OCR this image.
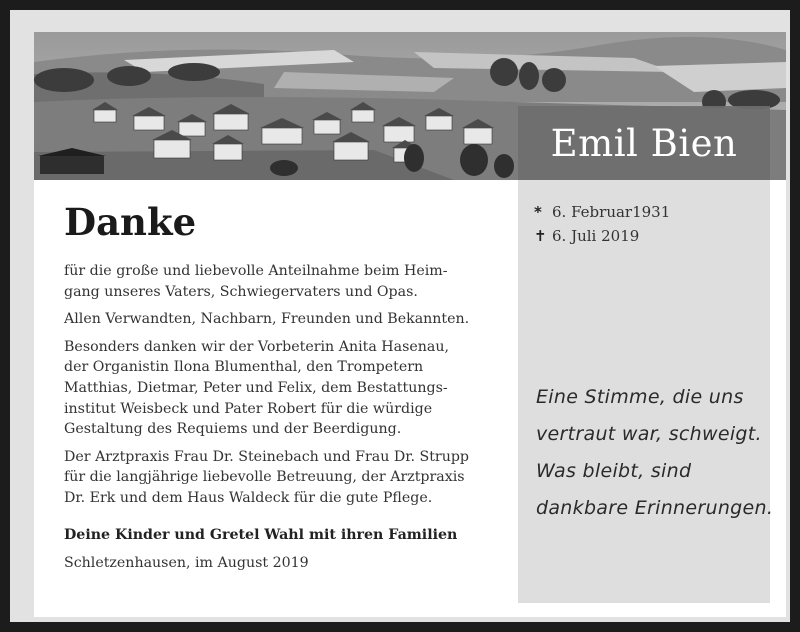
Emil Bien
* 6. Februar1931
✝ 6. Juli 2019
Eine Stimme, die uns
vertraut war, schweigt.
Was bleibt, sind
dankbare Erinnerungen.
Danke
für die große und liebevolle Anteilnahme beim Heim-
gang unseres Vaters, Schwiegervaters und Opas.
Allen Verwandten, Nachbarn, Freunden und Bekannten.
Besonders danken wir der Vorbeterin Anita Hasenau,
der Organistin Ilona Blumenthal, den Trompetern
Matthias, Dietmar, Peter und Felix, dem Bestattungs-
institut Weisbeck und Pater Robert für die würdige
Gestaltung des Requiems und der Beerdigung.
Der Arztpraxis Frau Dr. Steinebach und Frau Dr. Strupp
für die langjährige liebevolle Betreuung, der Arztpraxis
Dr. Erk und dem Haus Waldeck für die gute Pflege.
Deine Kinder und Gretel Wahl mit ihren Familien
Schletzenhausen, im August 2019
